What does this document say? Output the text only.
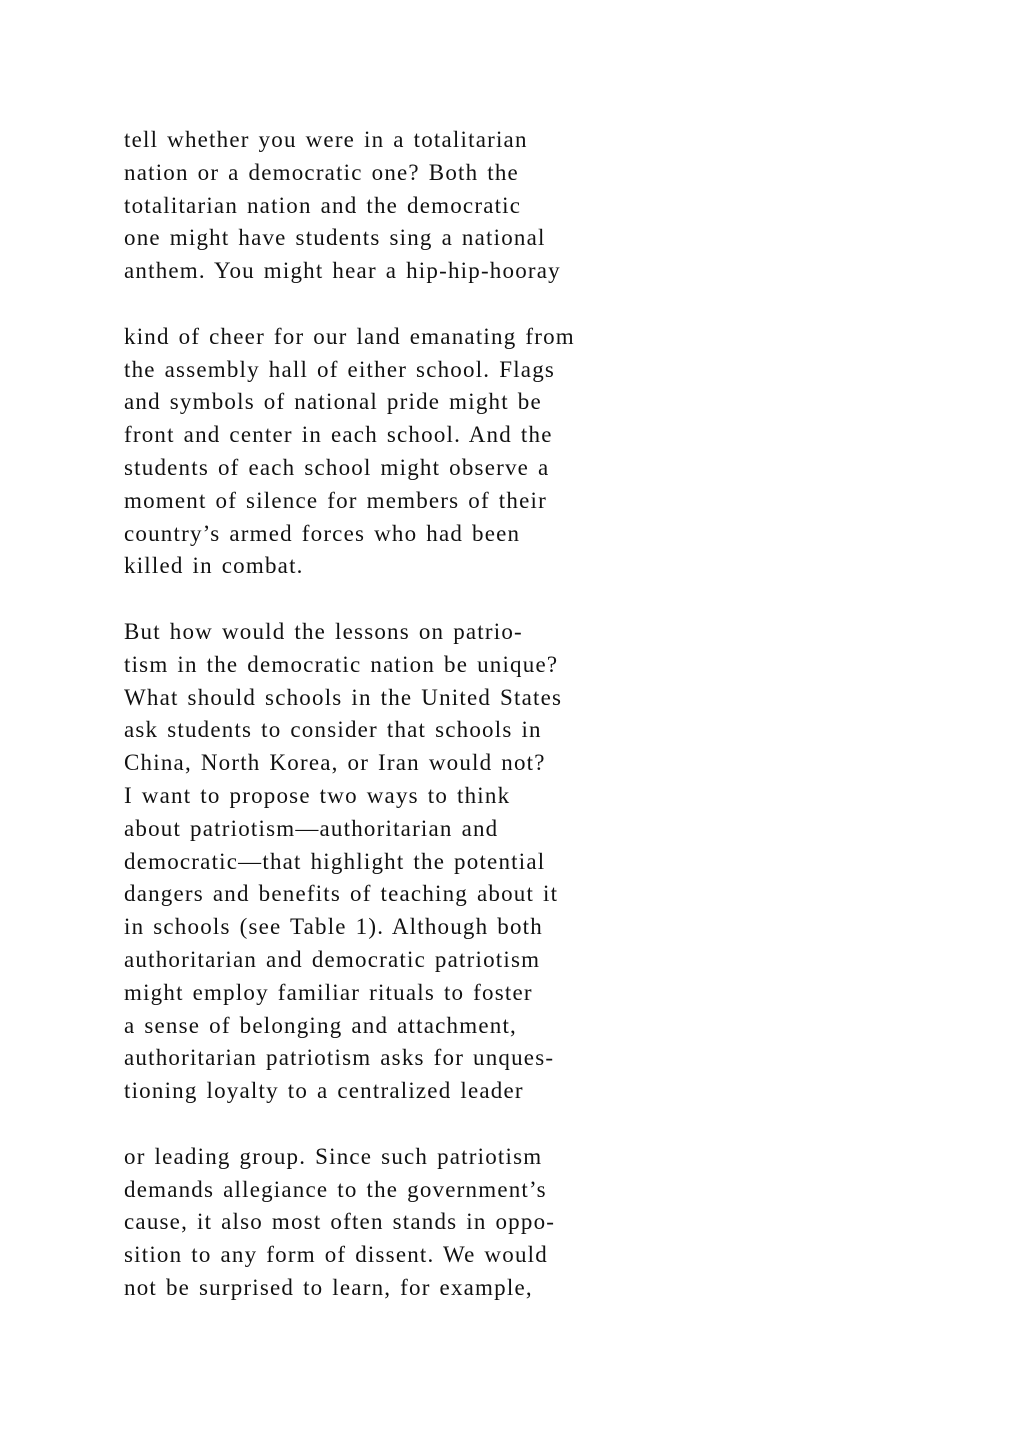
tell whether you were in a totalitarian
nation or a democratic one? Both the
totalitarian nation and the democratic
one might have students sing a national
anthem. You might hear a hip-hip-hooray

kind of cheer for our land emanating from
the assembly hall of either school. Flags
and symbols of national pride might be
front and center in each school. And the
students of each school might observe a
moment of silence for members of their
country’s armed forces who had been
killed in combat.

But how would the lessons on patrio-
tism in the democratic nation be unique?
What should schools in the United States
ask students to consider that schools in
China, North Korea, or Iran would not?
I want to propose two ways to think
about patriotism—authoritarian and
democratic—that highlight the potential
dangers and benefits of teaching about it
in schools (see Table 1). Although both
authoritarian and democratic patriotism
might employ familiar rituals to foster
a sense of belonging and attachment,
authoritarian patriotism asks for unques-
tioning loyalty to a centralized leader

or leading group. Since such patriotism
demands allegiance to the government’s
cause, it also most often stands in oppo-
sition to any form of dissent. We would
not be surprised to learn, for example,
